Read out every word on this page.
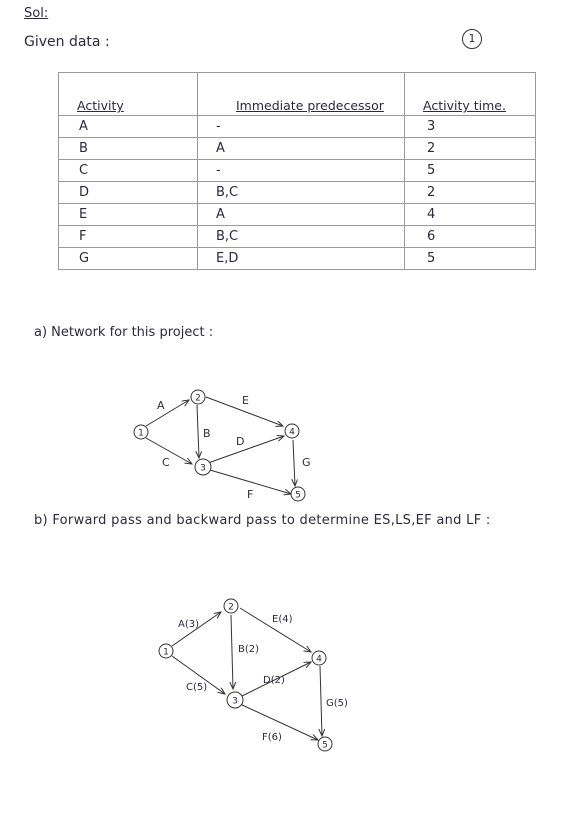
Sol:
Given data :	1
Activity	Immediate predecessor	Activity time.
A	-	3
B	A	2
C	-	5
D	B,C	2
E	A	4
F	B,C	6
G	E,D	5
a) Network for this project :
1
2
3
4
5
A
B
C
D
E
F
G
1
2
3
4
5
A(3)
B(2)
C(5)
D(2)
E(4)
F(6)
G(5)
b) Forward pass and backward pass to determine ES,LS,EF and LF :
